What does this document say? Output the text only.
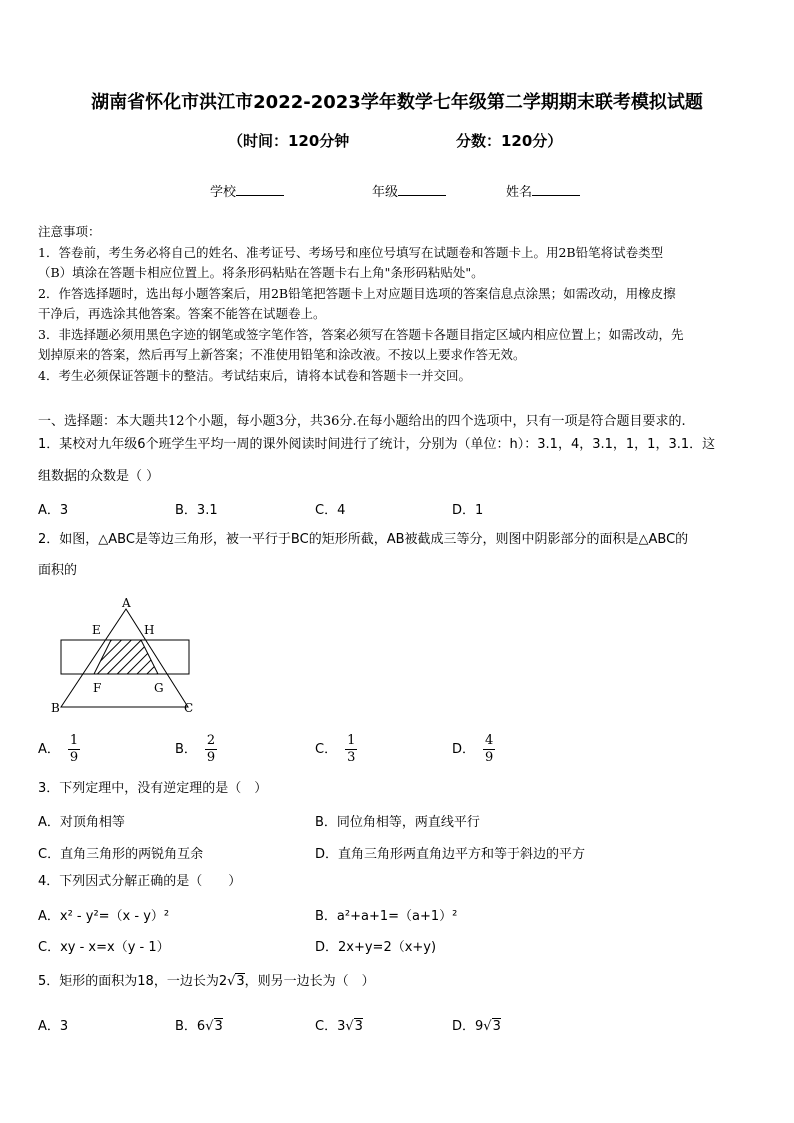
湖南省怀化市洪江市2022-2023学年数学七年级第二学期期末联考模拟试题
（时间：120分钟	分数：120分）
学校	年级	姓名

注意事项：

1．答卷前，考生务必将自己的姓名、准考证号、考场号和座位号填写在试题卷和答题卡上。用2B铅笔将试卷类型

（B）填涂在答题卡相应位置上。将条形码粘贴在答题卡右上角"条形码粘贴处"。

2．作答选择题时，选出每小题答案后，用2B铅笔把答题卡上对应题目选项的答案信息点涂黑；如需改动，用橡皮擦

干净后，再选涂其他答案。答案不能答在试题卷上。

3．非选择题必须用黑色字迹的钢笔或签字笔作答，答案必须写在答题卡各题目指定区域内相应位置上；如需改动，先

划掉原来的答案，然后再写上新答案；不准使用铅笔和涂改液。不按以上要求作答无效。

4．考生必须保证答题卡的整洁。考试结束后，请将本试卷和答题卡一并交回。

一、选择题：本大题共12个小题，每小题3分，共36分.在每小题给出的四个选项中，只有一项是符合题目要求的.
1．某校对九年级6个班学生平均一周的课外阅读时间进行了统计，分别为（单位：h）：3.1，4，3.1，1，1，3.1．这
组数据的众数是（ ）
A．3	B．3.1	C．4	D．1
2．如图，△ABC是等边三角形，被一平行于BC的矩形所截，AB被截成三等分，则图中阴影部分的面积是△ABC的
面积的
A
E	H
F	G
B	C
A． $\frac{1}{9}$	B． $\frac{2}{9}$	C． $\frac{1}{3}$	D． $\frac{4}{9}$
3．下列定理中，没有逆定理的是（　）
A．对顶角相等	B．同位角相等，两直线平行
C．直角三角形的两锐角互余	D．直角三角形两直角边平方和等于斜边的平方
4．下列因式分解正确的是（　　）
A．x² - y²=（x - y）²	B．a²+a+1=（a+1）²
C．xy - x=x（y - 1）	D．2x+y=2（x+y)
5．矩形的面积为18，一边长为2√3，则另一边长为（　）
A．3	B．6√3	C．3√3	D．9√3
